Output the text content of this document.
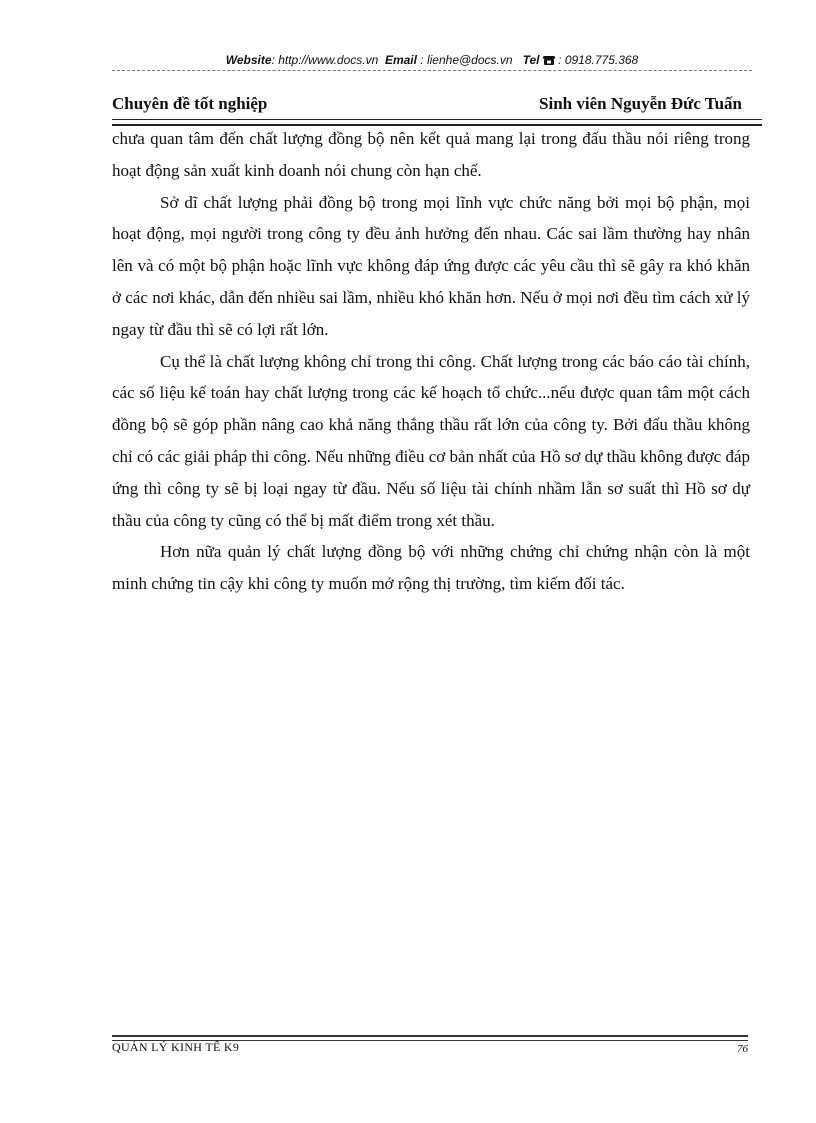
Website: http://www.docs.vn Email : lienhe@docs.vn Tel  : 0918.775.368
Chuyên đề tốt nghiệp	Sinh viên Nguyễn Đức Tuấn

chưa quan tâm đến chất lượng đồng bộ nên kết quả mang lại trong đấu thầu nói riêng trong hoạt động sản xuất kinh doanh nói chung còn hạn chế.

Sở dĩ chất lượng phải đồng bộ trong mọi lĩnh vực chức năng bởi mọi bộ phận, mọi hoạt động, mọi người trong công ty đều ảnh hưởng đến nhau. Các sai lầm thường hay nhân lên và có một bộ phận hoặc lĩnh vực không đáp ứng được các yêu cầu thì sẽ gây ra khó khăn ở các nơi khác, dẫn đến nhiều sai lầm, nhiều khó khăn hơn. Nếu ở mọi nơi đều tìm cách xử lý ngay từ đầu thì sẽ có lợi rất lớn.

Cụ thể là chất lượng không chỉ trong thi công. Chất lượng trong các báo cáo tài chính, các số liệu kế toán hay chất lượng trong các kế hoạch tổ chức...nếu được quan tâm một cách đồng bộ sẽ góp phần nâng cao khả năng thắng thầu rất lớn của công ty. Bởi đấu thầu không chỉ có các giải pháp thi công. Nếu những điều cơ bản nhất của Hồ sơ dự thầu không được đáp ứng thì công ty sẽ bị loại ngay từ đầu. Nếu số liệu tài chính nhầm lẫn sơ suất thì Hồ sơ dự thầu của công ty cũng có thể bị mất điểm trong xét thầu.

Hơn nữa quản lý chất lượng đồng bộ với những chứng chỉ chứng nhận còn là một minh chứng tin cậy khi công ty muốn mở rộng thị trường, tìm kiếm đối tác.

QUẢN LÝ KINH TẾ K9	76
